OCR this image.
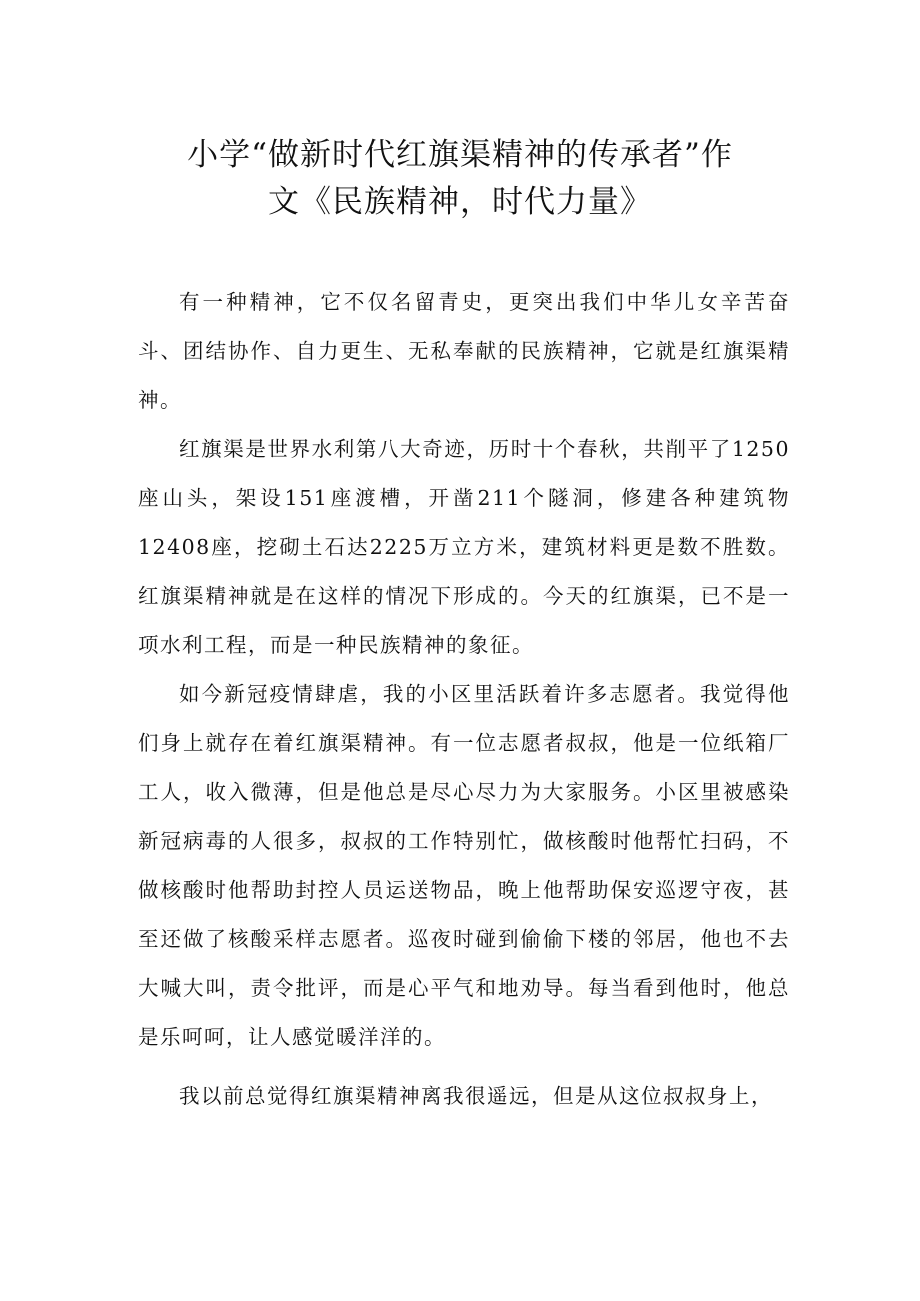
小学“做新时代红旗渠精神的传承者”作
文《民族精神，时代力量》

有一种精神，它不仅名留青史，更突出我们中华儿女辛苦奋斗、团结协作、自力更生、无私奉献的民族精神，它就是红旗渠精神。

红旗渠是世界水利第八大奇迹，历时十个春秋，共削平了1250座山头，架设151座渡槽，开凿211个隧洞，修建各种建筑物12408座，挖砌土石达2225万立方米，建筑材料更是数不胜数。红旗渠精神就是在这样的情况下形成的。今天的红旗渠，已不是一项水利工程，而是一种民族精神的象征。

如今新冠疫情肆虐，我的小区里活跃着许多志愿者。我觉得他们身上就存在着红旗渠精神。有一位志愿者叔叔，他是一位纸箱厂工人，收入微薄，但是他总是尽心尽力为大家服务。小区里被感染新冠病毒的人很多，叔叔的工作特别忙，做核酸时他帮忙扫码，不做核酸时他帮助封控人员运送物品，晚上他帮助保安巡逻守夜，甚至还做了核酸采样志愿者。巡夜时碰到偷偷下楼的邻居，他也不去大喊大叫，责令批评，而是心平气和地劝导。每当看到他时，他总是乐呵呵，让人感觉暖洋洋的。

我以前总觉得红旗渠精神离我很遥远，但是从这位叔叔身上，
